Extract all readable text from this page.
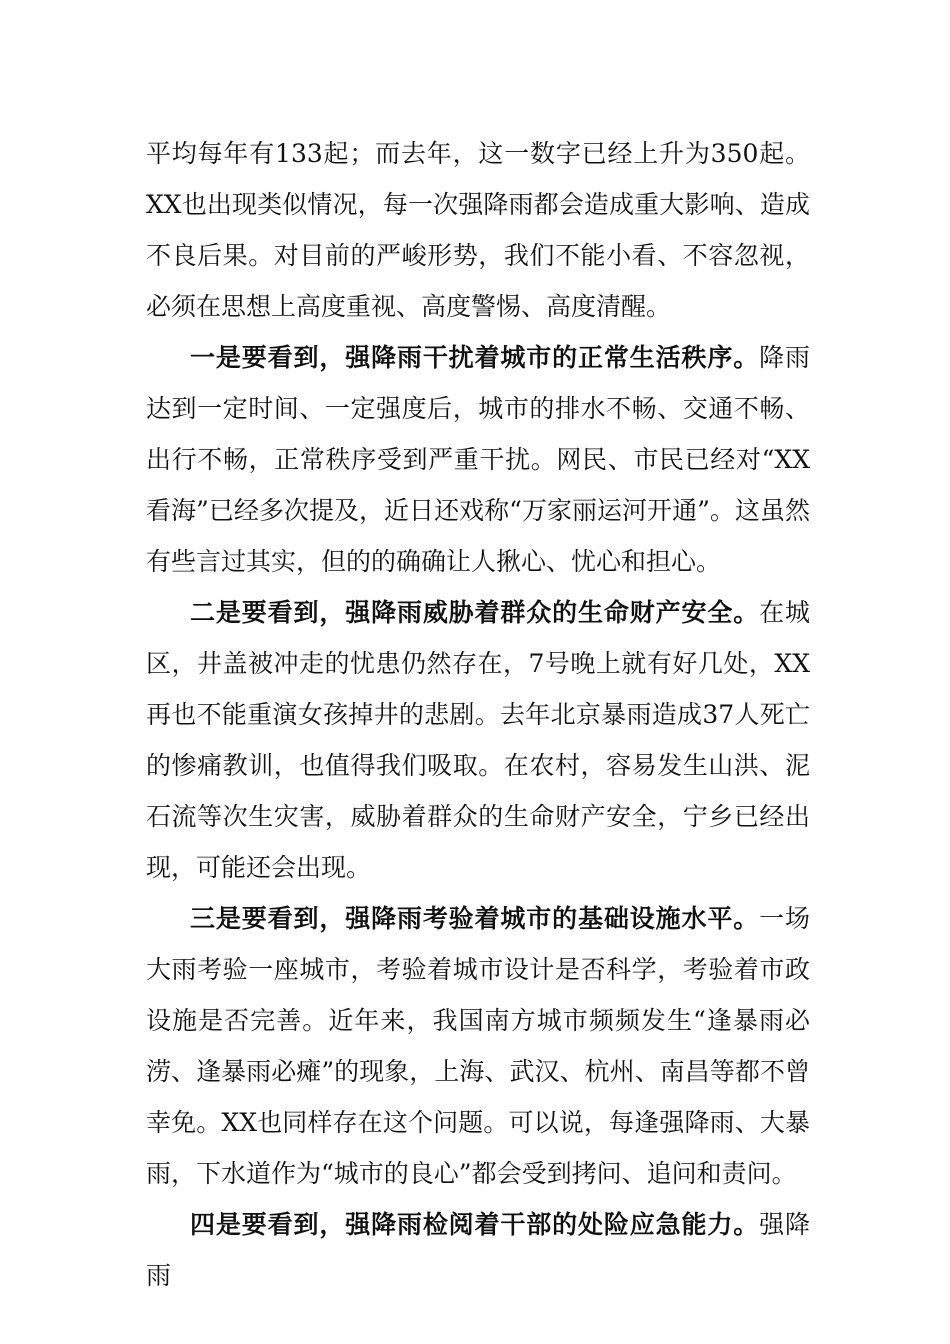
平均每年有133起；而去年，这一数字已经上升为350起。XX也出现类似情况，每一次强降雨都会造成重大影响、造成不良后果。对目前的严峻形势，我们不能小看、不容忽视，必须在思想上高度重视、高度警惕、高度清醒。

一是要看到，强降雨干扰着城市的正常生活秩序。降雨达到一定时间、一定强度后，城市的排水不畅、交通不畅、出行不畅，正常秩序受到严重干扰。网民、市民已经对“XX看海”已经多次提及，近日还戏称“万家丽运河开通”。这虽然有些言过其实，但的的确确让人揪心、忧心和担心。

二是要看到，强降雨威胁着群众的生命财产安全。在城区，井盖被冲走的忧患仍然存在，7号晚上就有好几处，XX再也不能重演女孩掉井的悲剧。去年北京暴雨造成37人死亡的惨痛教训，也值得我们吸取。在农村，容易发生山洪、泥石流等次生灾害，威胁着群众的生命财产安全，宁乡已经出现，可能还会出现。

三是要看到，强降雨考验着城市的基础设施水平。一场大雨考验一座城市，考验着城市设计是否科学，考验着市政设施是否完善。近年来，我国南方城市频频发生“逢暴雨必涝、逢暴雨必瘫”的现象，上海、武汉、杭州、南昌等都不曾幸免。XX也同样存在这个问题。可以说，每逢强降雨、大暴雨，下水道作为“城市的良心”都会受到拷问、追问和责问。

四是要看到，强降雨检阅着干部的处险应急能力。强降雨
